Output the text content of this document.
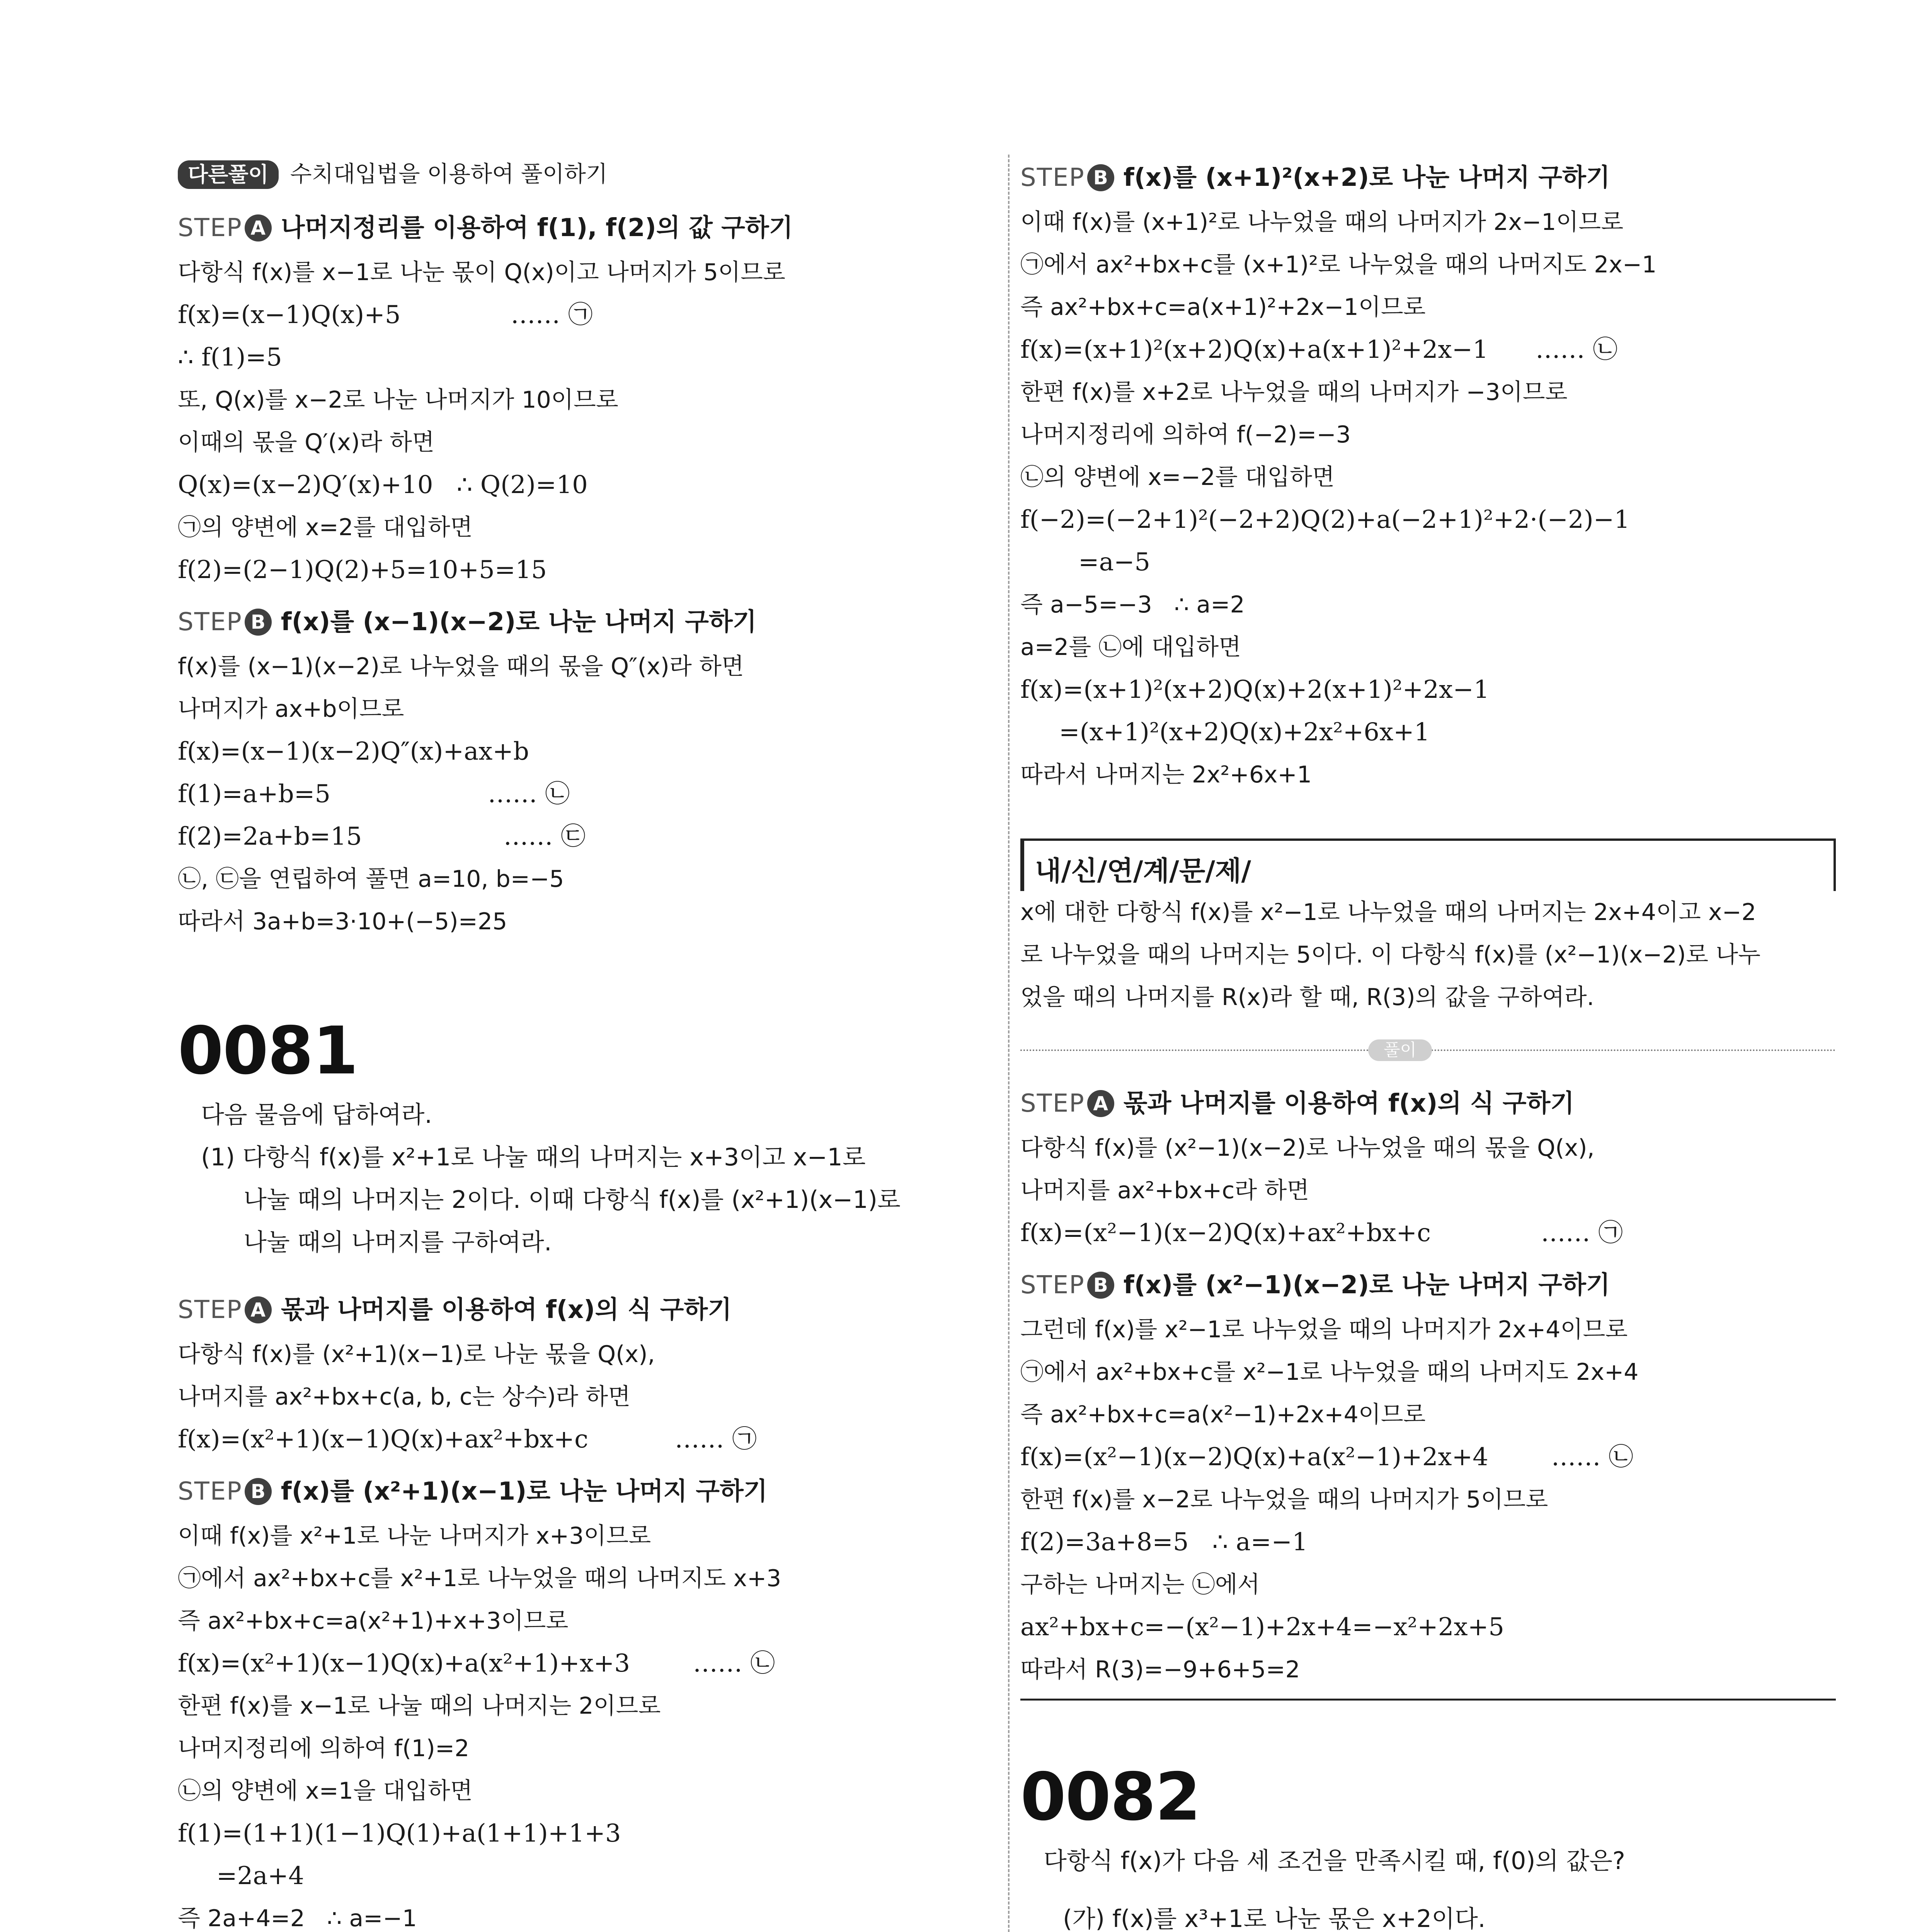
다른풀이 수치대입법을 이용하여 풀이하기
STEP A 나머지정리를 이용하여 f(1), f(2)의 값 구하기
다항식 f(x)를 x−1로 나눈 몫이 Q(x)이고 나머지가 5이므로
f(x)=(x−1)Q(x)+5              …… ㉠
∴ f(1)=5
또, Q(x)를 x−2로 나눈 나머지가 10이므로
이때의 몫을 Q′(x)라 하면
Q(x)=(x−2)Q′(x)+10   ∴ Q(2)=10
㉠의 양변에 x=2를 대입하면
f(2)=(2−1)Q(2)+5=10+5=15
STEP B f(x)를 (x−1)(x−2)로 나눈 나머지 구하기
f(x)를 (x−1)(x−2)로 나누었을 때의 몫을 Q″(x)라 하면
나머지가 ax+b이므로
f(x)=(x−1)(x−2)Q″(x)+ax+b
f(1)=a+b=5                    …… ㉡
f(2)=2a+b=15                  …… ㉢
㉡, ㉢을 연립하여 풀면 a=10, b=−5
따라서 3a+b=3·10+(−5)=25
0081
다음 물음에 답하여라.
(1) 다항식 f(x)를 x²+1로 나눌 때의 나머지는 x+3이고 x−1로
나눌 때의 나머지는 2이다. 이때 다항식 f(x)를 (x²+1)(x−1)로
나눌 때의 나머지를 구하여라.
STEP A 몫과 나머지를 이용하여 f(x)의 식 구하기
다항식 f(x)를 (x²+1)(x−1)로 나눈 몫을 Q(x),
나머지를 ax²+bx+c(a, b, c는 상수)라 하면
f(x)=(x²+1)(x−1)Q(x)+ax²+bx+c           …… ㉠
STEP B f(x)를 (x²+1)(x−1)로 나눈 나머지 구하기
이때 f(x)를 x²+1로 나눈 나머지가 x+3이므로
㉠에서 ax²+bx+c를 x²+1로 나누었을 때의 나머지도 x+3
즉 ax²+bx+c=a(x²+1)+x+3이므로
f(x)=(x²+1)(x−1)Q(x)+a(x²+1)+x+3        …… ㉡
한편 f(x)를 x−1로 나눌 때의 나머지는 2이므로
나머지정리에 의하여 f(1)=2
㉡의 양변에 x=1을 대입하면
f(1)=(1+1)(1−1)Q(1)+a(1+1)+1+3
=2a+4
즉 2a+4=2   ∴ a=−1
STEP B f(x)를 (x+1)²(x+2)로 나눈 나머지 구하기
이때 f(x)를 (x+1)²로 나누었을 때의 나머지가 2x−1이므로
㉠에서 ax²+bx+c를 (x+1)²로 나누었을 때의 나머지도 2x−1
즉 ax²+bx+c=a(x+1)²+2x−1이므로
f(x)=(x+1)²(x+2)Q(x)+a(x+1)²+2x−1      …… ㉡
한편 f(x)를 x+2로 나누었을 때의 나머지가 −3이므로
나머지정리에 의하여 f(−2)=−3
㉡의 양변에 x=−2를 대입하면
f(−2)=(−2+1)²(−2+2)Q(2)+a(−2+1)²+2·(−2)−1
=a−5
즉 a−5=−3   ∴ a=2
a=2를 ㉡에 대입하면
f(x)=(x+1)²(x+2)Q(x)+2(x+1)²+2x−1
=(x+1)²(x+2)Q(x)+2x²+6x+1
따라서 나머지는 2x²+6x+1
내/신/연/계/문/제/
x에 대한 다항식 f(x)를 x²−1로 나누었을 때의 나머지는 2x+4이고 x−2
로 나누었을 때의 나머지는 5이다. 이 다항식 f(x)를 (x²−1)(x−2)로 나누
었을 때의 나머지를 R(x)라 할 때, R(3)의 값을 구하여라.
풀이
STEP A 몫과 나머지를 이용하여 f(x)의 식 구하기
다항식 f(x)를 (x²−1)(x−2)로 나누었을 때의 몫을 Q(x),
나머지를 ax²+bx+c라 하면
f(x)=(x²−1)(x−2)Q(x)+ax²+bx+c              …… ㉠
STEP B f(x)를 (x²−1)(x−2)로 나눈 나머지 구하기
그런데 f(x)를 x²−1로 나누었을 때의 나머지가 2x+4이므로
㉠에서 ax²+bx+c를 x²−1로 나누었을 때의 나머지도 2x+4
즉 ax²+bx+c=a(x²−1)+2x+4이므로
f(x)=(x²−1)(x−2)Q(x)+a(x²−1)+2x+4        …… ㉡
한편 f(x)를 x−2로 나누었을 때의 나머지가 5이므로
f(2)=3a+8=5   ∴ a=−1
구하는 나머지는 ㉡에서
ax²+bx+c=−(x²−1)+2x+4=−x²+2x+5
따라서 R(3)=−9+6+5=2
0082
다항식 f(x)가 다음 세 조건을 만족시킬 때, f(0)의 값은?
(가) f(x)를 x³+1로 나눈 몫은 x+2이다.
